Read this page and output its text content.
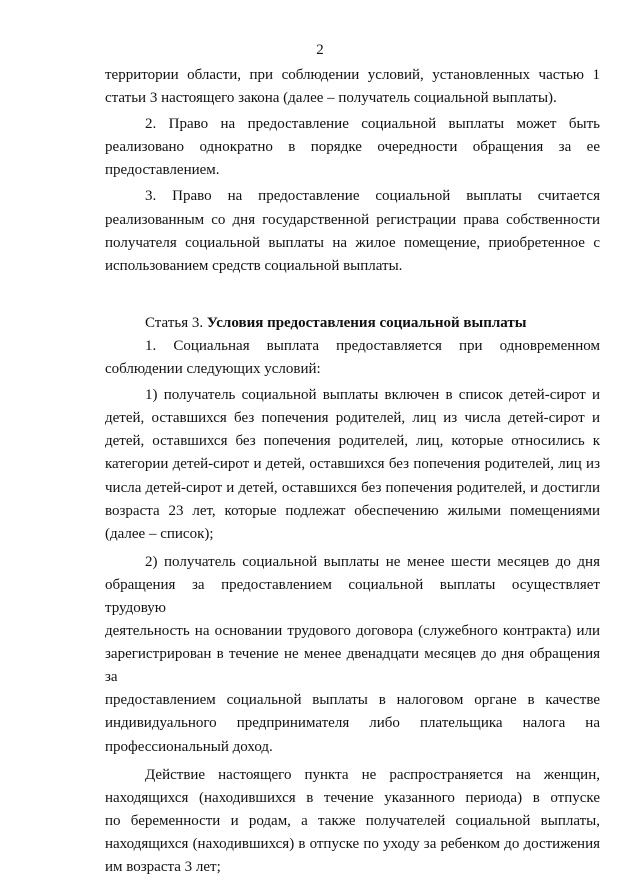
2

территории области, при соблюдении условий, установленных частью 1

статьи 3 настоящего закона (далее – получатель социальной выплаты).

2. Право на предоставление социальной выплаты может быть

реализовано однократно в порядке очередности обращения за ее

предоставлением.

3. Право на предоставление социальной выплаты считается

реализованным со дня государственной регистрации права собственности

получателя социальной выплаты на жилое помещение, приобретенное с

использованием средств социальной выплаты.

Статья 3. Условия предоставления социальной выплаты

1. Социальная выплата предоставляется при одновременном

соблюдении следующих условий:

1) получатель социальной выплаты включен в список детей-сирот и

детей, оставшихся без попечения родителей, лиц из числа детей-сирот и

детей, оставшихся без попечения родителей, лиц, которые относились к

категории детей-сирот и детей, оставшихся без попечения родителей, лиц из

числа детей-сирот и детей, оставшихся без попечения родителей, и достигли

возраста 23 лет, которые подлежат обеспечению жилыми помещениями

(далее – список);

2) получатель социальной выплаты не менее шести месяцев до дня

обращения за предоставлением социальной выплаты осуществляет трудовую

деятельность на основании трудового договора (служебного контракта) или

зарегистрирован в течение не менее двенадцати месяцев до дня обращения за

предоставлением социальной выплаты в налоговом органе в качестве

индивидуального предпринимателя либо плательщика налога на

профессиональный доход.

Действие настоящего пункта не распространяется на женщин,

находящихся (находившихся в течение указанного периода) в отпуске

по беременности и родам, а также получателей социальной выплаты,

находящихся (находившихся) в отпуске по уходу за ребенком до достижения

им возраста 3 лет;
